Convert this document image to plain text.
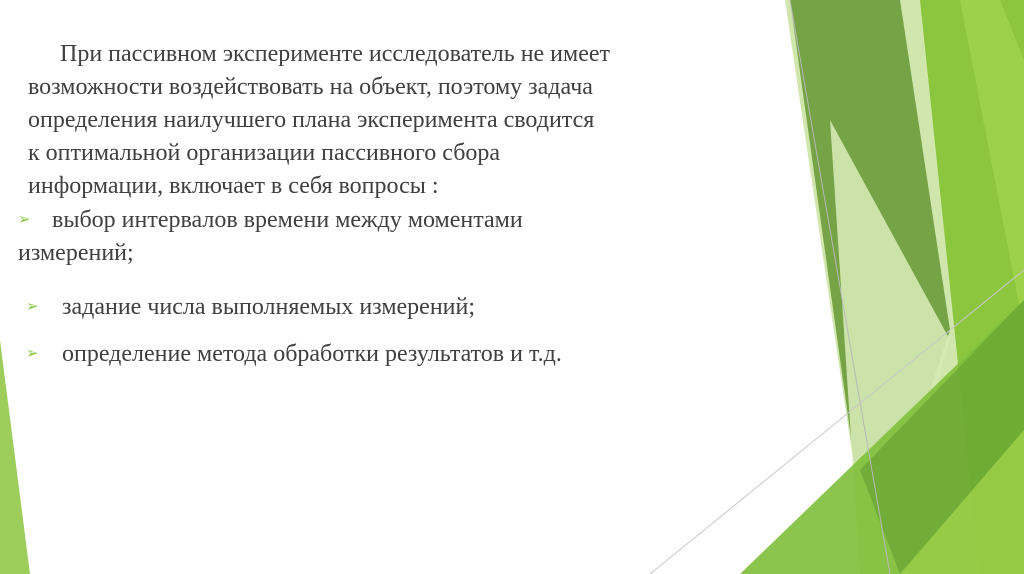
При пассивном эксперименте исследователь не имеет
возможности воздействовать на объект, поэтому задача
определения наилучшего плана эксперимента сводится
к оптимальной организации пассивного сбора
информации, включает в себя вопросы :

➢ выбор интервалов времени между моментами
измерений;
➢ задание числа выполняемых измерений;
➢ определение метода обработки результатов и т.д.
